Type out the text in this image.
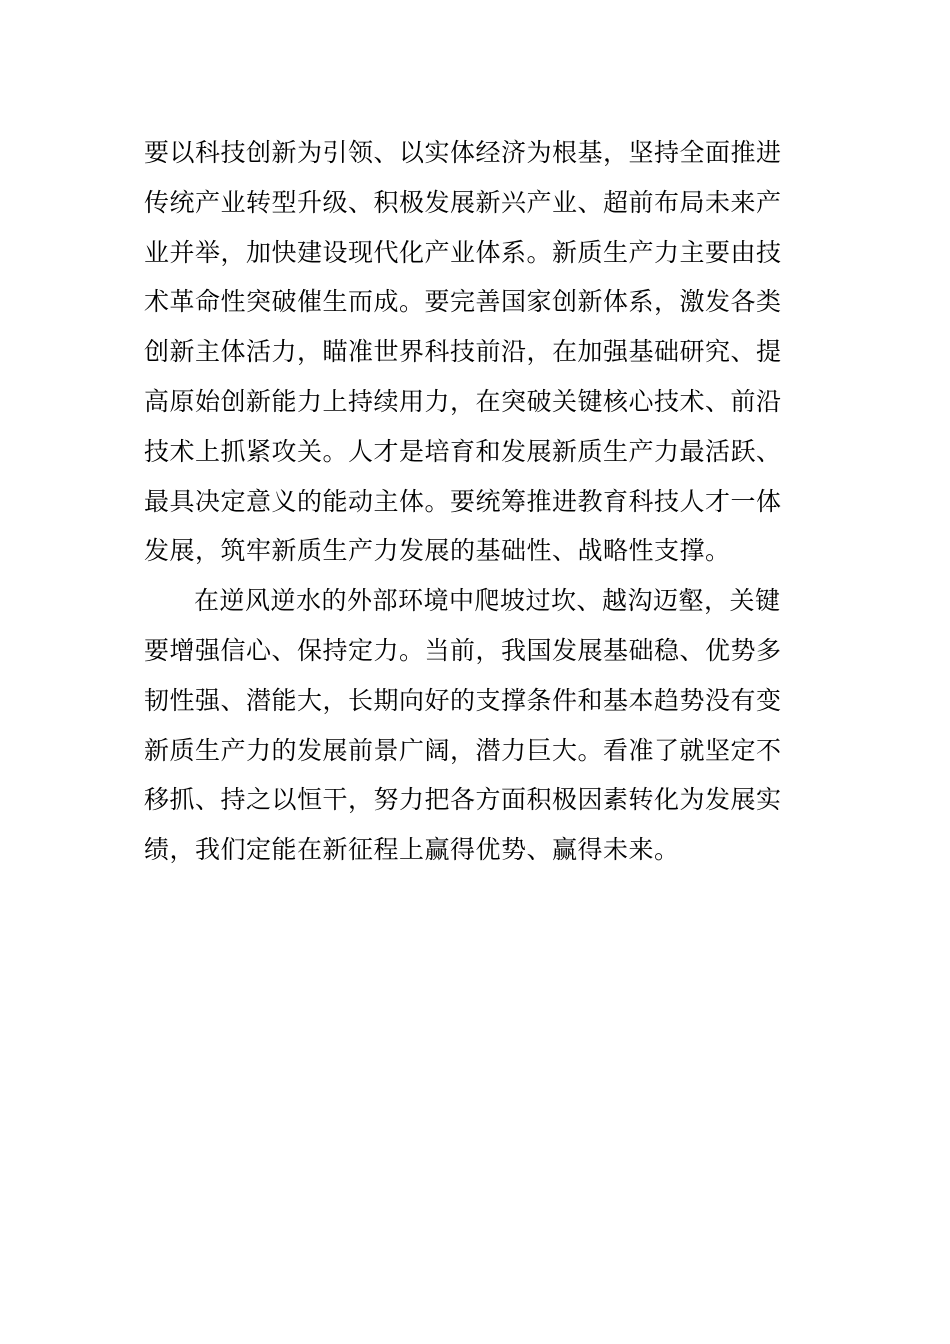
要以科技创新为引领、以实体经济为根基，坚持全面推进
传统产业转型升级、积极发展新兴产业、超前布局未来产
业并举，加快建设现代化产业体系。新质生产力主要由技
术革命性突破催生而成。要完善国家创新体系，激发各类
创新主体活力，瞄准世界科技前沿，在加强基础研究、提
高原始创新能力上持续用力，在突破关键核心技术、前沿
技术上抓紧攻关。人才是培育和发展新质生产力最活跃、
最具决定意义的能动主体。要统筹推进教育科技人才一体
发展，筑牢新质生产力发展的基础性、战略性支撑。
在逆风逆水的外部环境中爬坡过坎、越沟迈壑，关键
要增强信心、保持定力。当前，我国发展基础稳、优势多
韧性强、潜能大，长期向好的支撑条件和基本趋势没有变
新质生产力的发展前景广阔，潜力巨大。看准了就坚定不
移抓、持之以恒干，努力把各方面积极因素转化为发展实
绩，我们定能在新征程上赢得优势、赢得未来。
